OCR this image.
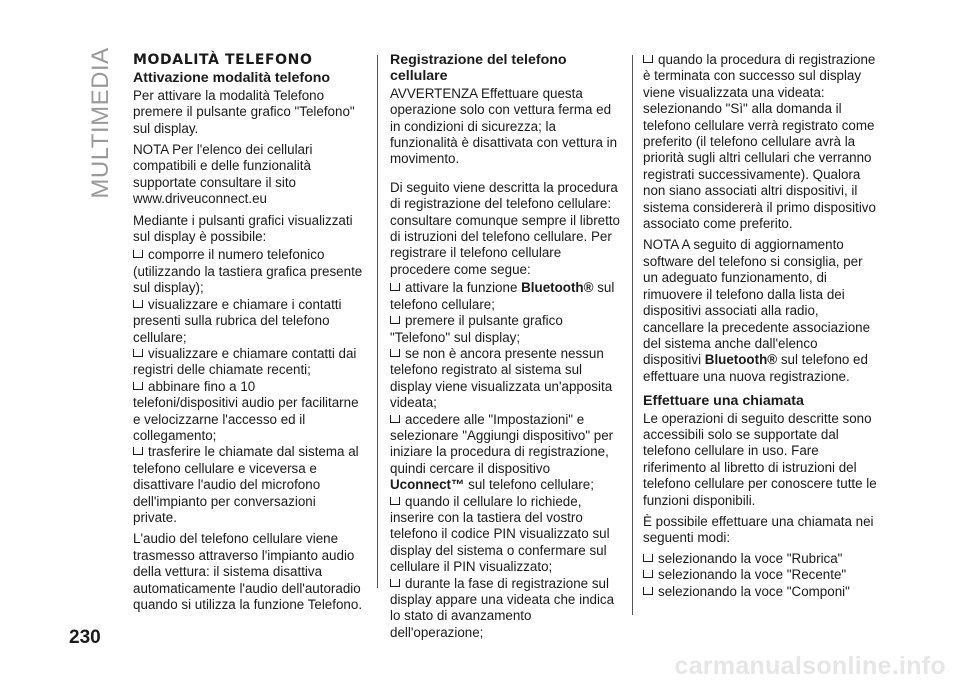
MULTIMEDIA MODALITÀ TELEFONO
Attivazione modalità telefono

Per attivare la modalità Telefono premere il pulsante grafico "Telefono" sul display.

NOTA Per l'elenco dei cellulari compatibili e delle funzionalità supportate consultare il sito www.driveuconnect.eu

Mediante i pulsanti grafici visualizzati sul display è possibile:

comporre il numero telefonico (utilizzando la tastiera grafica presente sul display);
visualizzare e chiamare i contatti presenti sulla rubrica del telefono cellulare;
visualizzare e chiamare contatti dai registri delle chiamate recenti;
abbinare fino a 10 telefoni/dispositivi audio per facilitarne e velocizzarne l'accesso ed il collegamento;
trasferire le chiamate dal sistema al telefono cellulare e viceversa e disattivare l'audio del microfono dell'impianto per conversazioni private.

L'audio del telefono cellulare viene trasmesso attraverso l'impianto audio della vettura: il sistema disattiva automaticamente l'audio dell'autoradio quando si utilizza la funzione Telefono.

Registrazione del telefono cellulare

AVVERTENZA Effettuare questa operazione solo con vettura ferma ed in condizioni di sicurezza; la funzionalità è disattivata con vettura in movimento.

Di seguito viene descritta la procedura di registrazione del telefono cellulare: consultare comunque sempre il libretto di istruzioni del telefono cellulare. Per registrare il telefono cellulare procedere come segue:

attivare la funzione Bluetooth® sul telefono cellulare;
premere il pulsante grafico "Telefono" sul display;
se non è ancora presente nessun telefono registrato al sistema sul display viene visualizzata un'apposita videata;
accedere alle "Impostazioni" e selezionare "Aggiungi dispositivo" per iniziare la procedura di registrazione, quindi cercare il dispositivo Uconnect™ sul telefono cellulare;
quando il cellulare lo richiede, inserire con la tastiera del vostro telefono il codice PIN visualizzato sul display del sistema o confermare sul cellulare il PIN visualizzato;
durante la fase di registrazione sul display appare una videata che indica lo stato di avanzamento dell'operazione;
quando la procedura di registrazione è terminata con successo sul display viene visualizzata una videata: selezionando "Sì" alla domanda il telefono cellulare verrà registrato come preferito (il telefono cellulare avrà la priorità sugli altri cellulari che verranno registrati successivamente). Qualora non siano associati altri dispositivi, il sistema considererà il primo dispositivo associato come preferito.

NOTA A seguito di aggiornamento software del telefono si consiglia, per un adeguato funzionamento, di rimuovere il telefono dalla lista dei dispositivi associati alla radio, cancellare la precedente associazione del sistema anche dall'elenco dispositivi Bluetooth® sul telefono ed effettuare una nuova registrazione.

Effettuare una chiamata

Le operazioni di seguito descritte sono accessibili solo se supportate dal telefono cellulare in uso. Fare riferimento al libretto di istruzioni del telefono cellulare per conoscere tutte le funzioni disponibili.

È possibile effettuare una chiamata nei seguenti modi:

selezionando la voce "Rubrica"
selezionando la voce "Recente"
selezionando la voce "Componi"
230
carmanualsonline.info
